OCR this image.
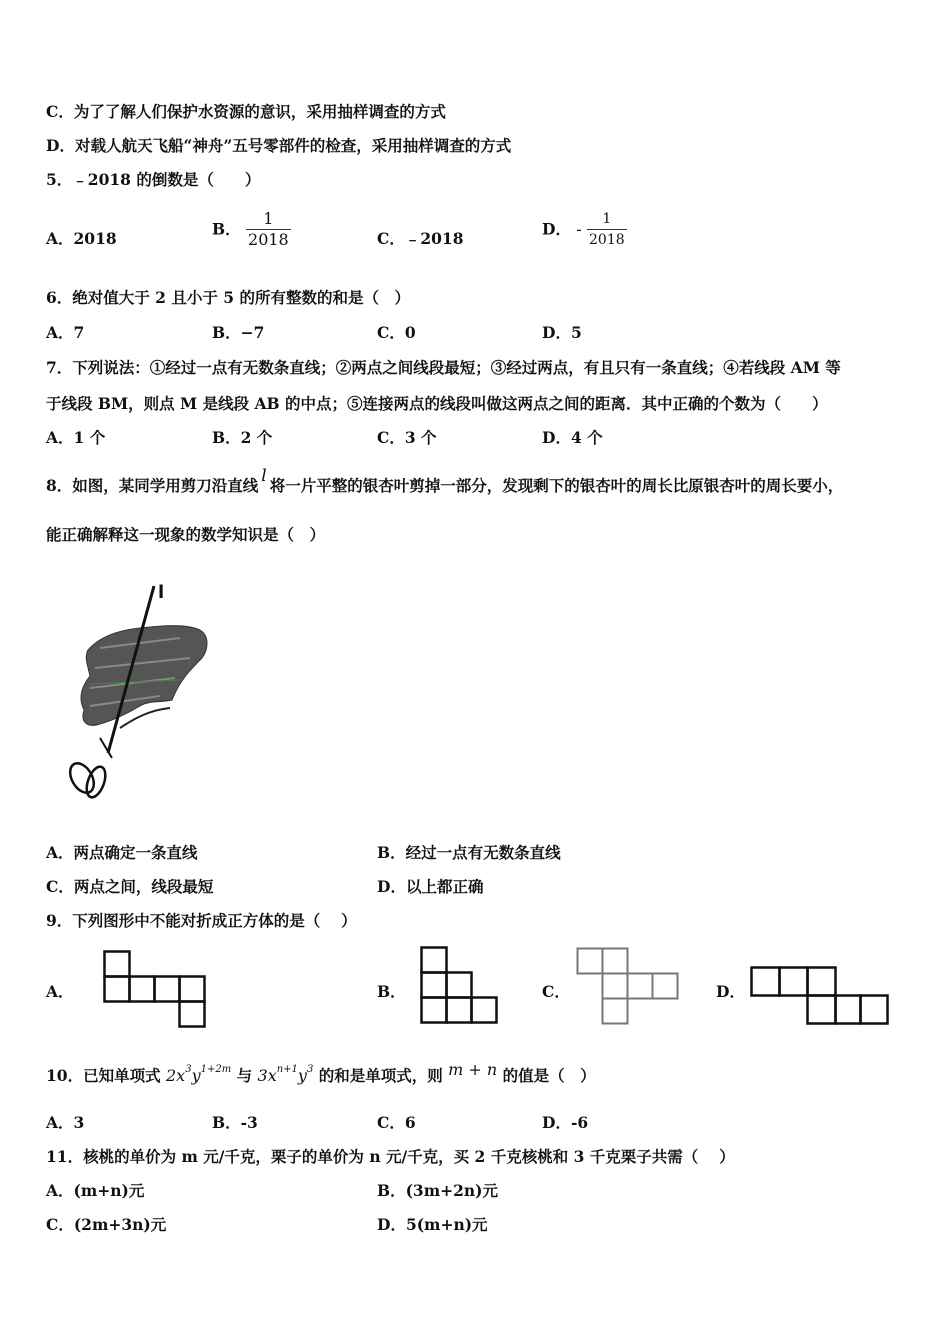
C．为了了解人们保护水资源的意识，采用抽样调查的方式
D．对载人航天飞船“神舟”五号零部件的检查，采用抽样调查的方式
5．﹣2018 的倒数是（　　）
A．2018	B． $\frac{1}{2018}$	C．﹣2018	D． - $\frac{1}{2018}$
6．绝对值大于 2 且小于 5 的所有整数的和是（　）
A．7	B．−7	C．0	D．5
7．下列说法：①经过一点有无数条直线；②两点之间线段最短；③经过两点，有且只有一条直线；④若线段 AM 等
于线段 BM，则点 M 是线段 AB 的中点；⑤连接两点的线段叫做这两点之间的距离．其中正确的个数为（　　）
A．1 个	B．2 个	C．3 个	D．4 个
8．如图，某同学用剪刀沿直线 l 将一片平整的银杏叶剪掉一部分，发现剩下的银杏叶的周长比原银杏叶的周长要小，
能正确解释这一现象的数学知识是（　）
l
A．两点确定一条直线	B．经过一点有无数条直线
C．两点之间，线段最短	D．以上都正确
9．下列图形中不能对折成正方体的是（　 ）
A．	B．	C．	D．
10．已知单项式 $2x^3y^{1+2m}$ 与 $3x^{n+1}y^3$ 的和是单项式，则 m + n 的值是（　）
A．3	B．-3	C．6	D．-6
11．核桃的单价为 m 元/千克，栗子的单价为 n 元/千克，买 2 千克核桃和 3 千克栗子共需（　 ）
A．(m+n)元	B．(3m+2n)元
C．(2m+3n)元	D．5(m+n)元
